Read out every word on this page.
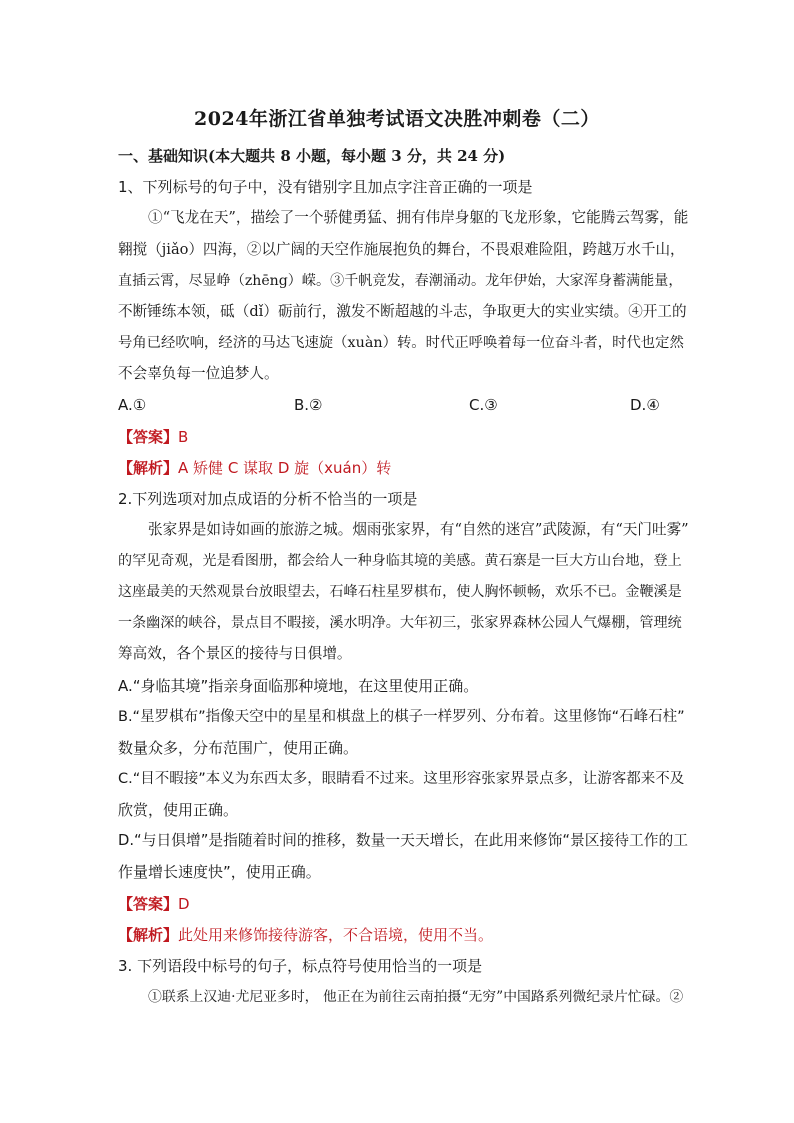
2024年浙江省单独考试语文决胜冲刺卷（二）
一、基础知识(本大题共 8 小题，每小题 3 分，共 24 分)
1、下列标号的句子中，没有错别字且加点字注音正确的一项是
①“飞龙在天”，描绘了一个骄健勇猛、拥有伟岸身躯的飞龙形象，它能腾云驾雾，能
翱搅（jiǎo）四海，②以广阔的天空作施展抱负的舞台，不畏艰难险阻，跨越万水千山，
直插云霄，尽显峥（zhēng）嵘。③千帆竞发，春潮涌动。龙年伊始，大家浑身蓄满能量，
不断锤练本领，砥（dǐ）砺前行，激发不断超越的斗志，争取更大的实业实绩。④开工的
号角已经吹响，经济的马达飞速旋（xuàn）转。时代正呼唤着每一位奋斗者，时代也定然
不会辜负每一位追梦人。
A.①	B.②	C.③	D.④
【答案】B
【解析】A 矫健 C 谋取 D 旋（xuán）转
2.下列选项对加点成语的分析不恰当的一项是
张家界是如诗如画的旅游之城。烟雨张家界，有“自然的迷宫”武陵源，有“天门吐雾”
的罕见奇观，光是看图册，都会给人一种身临其境的美感。黄石寨是一巨大方山台地，登上
这座最美的天然观景台放眼望去，石峰石柱星罗棋布，使人胸怀顿畅，欢乐不已。金鞭溪是
一条幽深的峡谷，景点目不暇接，溪水明净。大年初三，张家界森林公园人气爆棚，管理统
筹高效，各个景区的接待与日俱增。
A.“身临其境”指亲身面临那种境地，在这里使用正确。
B.“星罗棋布”指像天空中的星星和棋盘上的棋子一样罗列、分布着。这里修饰“石峰石柱”
数量众多，分布范围广，使用正确。
C.“目不暇接”本义为东西太多，眼睛看不过来。这里形容张家界景点多，让游客都来不及
欣赏，使用正确。
D.“与日俱增”是指随着时间的推移，数量一天天增长，在此用来修饰“景区接待工作的工
作量增长速度快”，使用正确。
【答案】D
【解析】此处用来修饰接待游客，不合语境，使用不当。
3. 下列语段中标号的句子，标点符号使用恰当的一项是
①联系上汉迪·尤尼亚多时， 他正在为前往云南拍摄“无穷”中国路系列微纪录片忙碌。②
